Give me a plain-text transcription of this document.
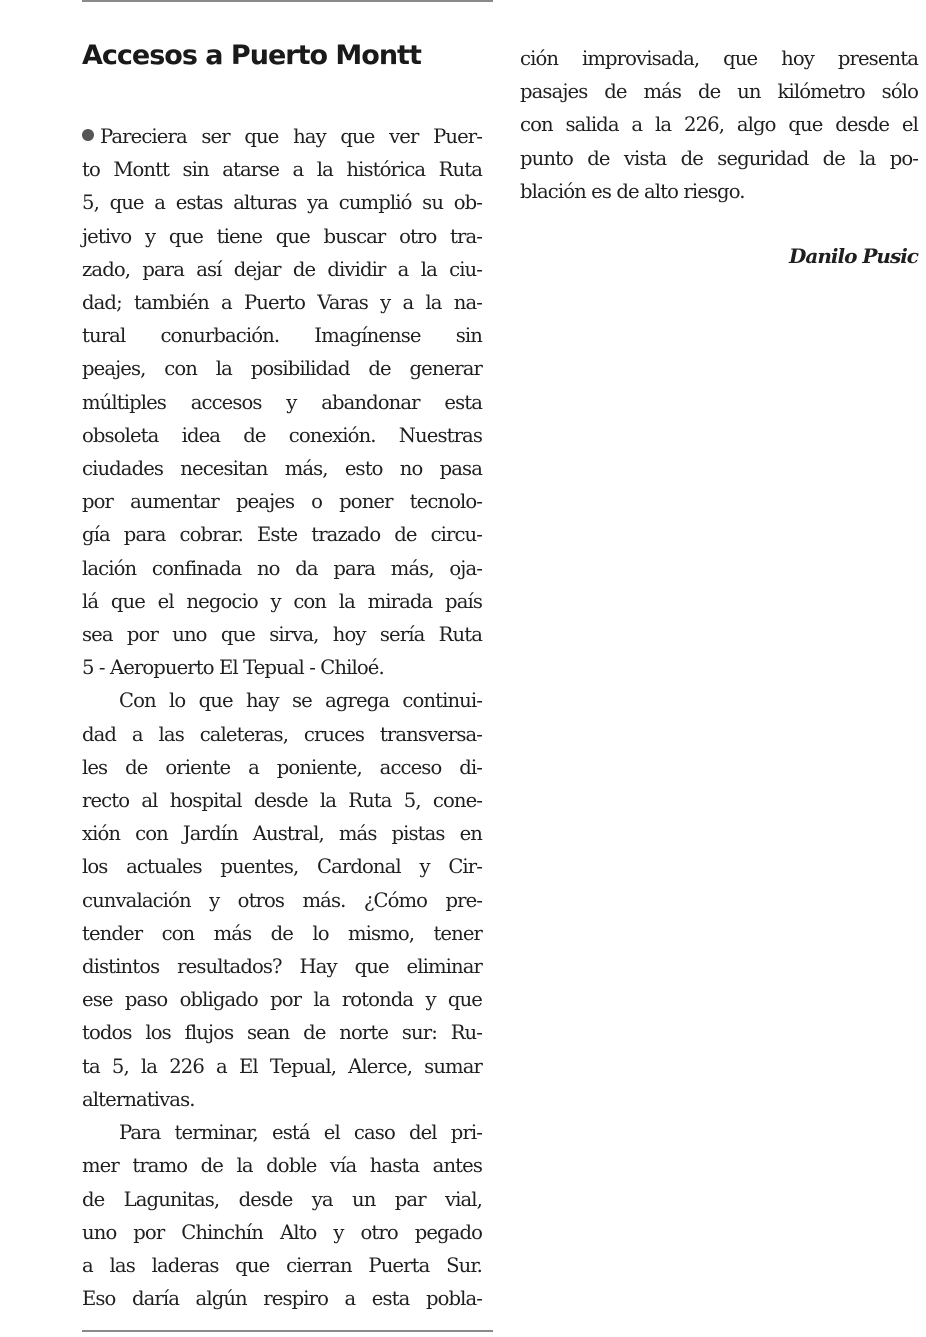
Accesos a Puerto Montt

Pareciera ser que hay que ver Puer-
to Montt sin atarse a la histórica Ruta
5, que a estas alturas ya cumplió su ob-
jetivo y que tiene que buscar otro tra-
zado, para así dejar de dividir a la ciu-
dad; también a Puerto Varas y a la na-
tural conurbación. Imagínense sin
peajes, con la posibilidad de generar
múltiples accesos y abandonar esta
obsoleta idea de conexión. Nuestras
ciudades necesitan más, esto no pasa
por aumentar peajes o poner tecnolo-
gía para cobrar. Este trazado de circu-
lación confinada no da para más, oja-
lá que el negocio y con la mirada país
sea por uno que sirva, hoy sería Ruta
5 - Aeropuerto El Tepual - Chiloé.

Con lo que hay se agrega continui-
dad a las caleteras, cruces transversa-
les de oriente a poniente, acceso di-
recto al hospital desde la Ruta 5, cone-
xión con Jardín Austral, más pistas en
los actuales puentes, Cardonal y Cir-
cunvalación y otros más. ¿Cómo pre-
tender con más de lo mismo, tener
distintos resultados? Hay que eliminar
ese paso obligado por la rotonda y que
todos los flujos sean de norte sur: Ru-
ta 5, la 226 a El Tepual, Alerce, sumar
alternativas.

Para terminar, está el caso del pri-
mer tramo de la doble vía hasta antes
de Lagunitas, desde ya un par vial,
uno por Chinchín Alto y otro pegado
a las laderas que cierran Puerta Sur.
Eso daría algún respiro a esta pobla-

ción improvisada, que hoy presenta
pasajes de más de un kilómetro sólo
con salida a la 226, algo que desde el
punto de vista de seguridad de la po-
blación es de alto riesgo.

Danilo Pusic
